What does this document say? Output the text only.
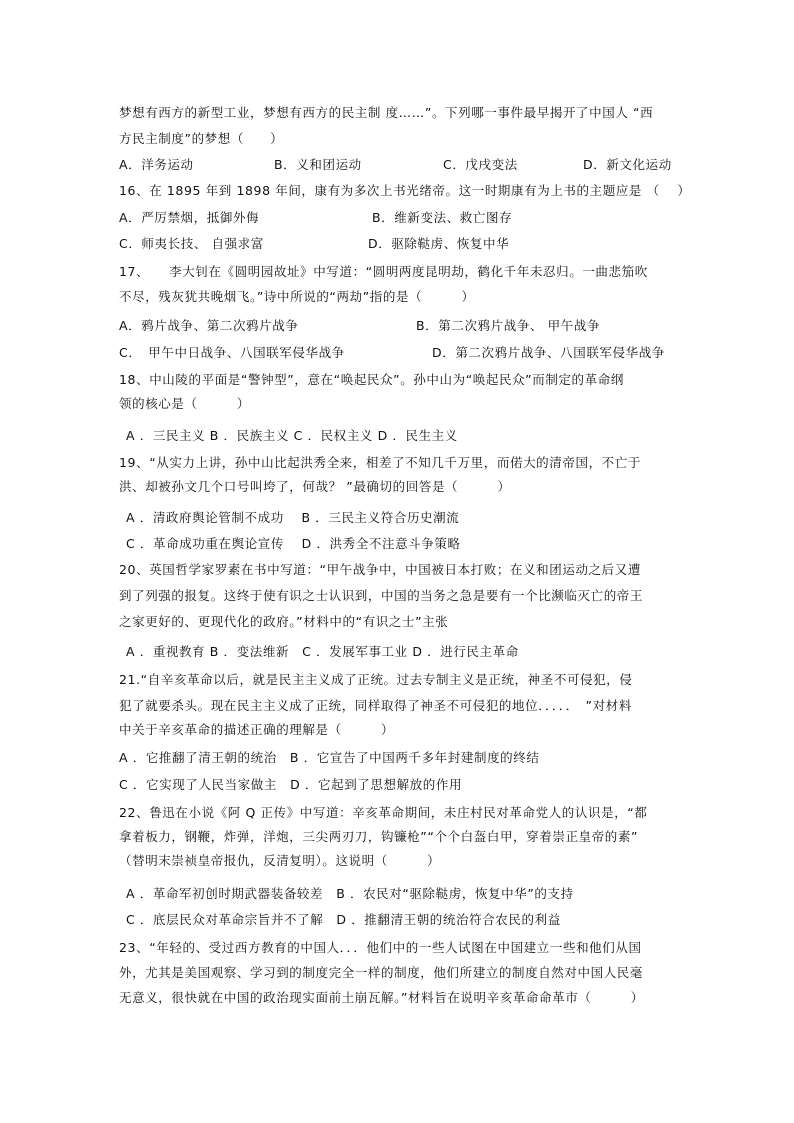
梦想有西方的新型工业，梦想有西方的民主制 度……”。下列哪一事件最早揭开了中国人 “西
方民主制度”的梦想（　　）
A．洋务运动	B．义和团运动	C．戊戌变法	D．新文化运动
16、在 1895 年到 1898 年间，康有为多次上书光绪帝。这一时期康有为上书的主题应是 （　 ）
A．严厉禁烟，抵御外侮	B．维新变法、救亡图存
C．师夷长技、 自强求富	D．驱除鞑虏、恢复中华
17、　　李大钊在《圆明园故址》中写道：“圆明两度昆明劫，鹤化千年未忍归。一曲悲笳吹
不尽，残灰犹共晚烟飞。”诗中所说的“两劫”指的是（　　　）
A．鸦片战争、第二次鸦片战争	B．第二次鸦片战争、 甲午战争
C．　甲午中日战争、八国联军侵华战争	D．第二次鸦片战争、八国联军侵华战争
18、中山陵的平面是“警钟型”，意在“唤起民众”。孙中山为“唤起民众”而制定的革命纲
领的核心是（　　　）
A ．三民主义 B ．民族主义 C ．民权主义 D ．民生主义
19、“从实力上讲，孙中山比起洪秀全来，相差了不知几千万里，而偌大的清帝国，不亡于
洪、却被孙文几个口号叫垮了，何哉？ ”最确切的回答是（　　　）
A ．清政府舆论管制不成功　 B ．三民主义符合历史潮流
C ．革命成功重在舆论宣传　 D ．洪秀全不注意斗争策略
20、英国哲学家罗素在书中写道：“甲午战争中，中国被日本打败；在义和团运动之后又遭
到了列强的报复。这终于使有识之士认识到，中国的当务之急是要有一个比濒临灭亡的帝王
之家更好的、更现代化的政府。”材料中的“有识之士”主张
A ．重视教育 B ．变法维新　C ．发展军事工业 D ．进行民主革命
21.“自辛亥革命以后，就是民主主义成了正统。过去专制主义是正统，神圣不可侵犯，侵
犯了就要杀头。现在民主主义成了正统，同样取得了神圣不可侵犯的地位．．．．．　”对材料
中关于辛亥革命的描述正确的理解是（　　　）
A ．它推翻了清王朝的统治　B ．它宣告了中国两千多年封建制度的终结
C ．它实现了人民当家做主　D ．它起到了思想解放的作用
22、鲁迅在小说《阿 Q 正传》中写道：辛亥革命期间，未庄村民对革命党人的认识是，“都
拿着板力，钢鞭，炸弹，洋炮，三尖两刃刀，钩镰枪”“个个白盔白甲，穿着崇正皇帝的素”
（替明末崇祯皇帝报仇，反清复明）。这说明（　　　）
A ．革命军初创时期武器装备较差　B ．农民对“驱除鞑虏，恢复中华”的支持
C ．底层民众对革命宗旨并不了解　D ．推翻清王朝的统治符合农民的利益
23、“年轻的、受过西方教育的中国人．．．他们中的一些人试图在中国建立一些和他们从国
外，尤其是美国观察、学习到的制度完全一样的制度，他们所建立的制度自然对中国人民毫
无意义，很快就在中国的政治现实面前土崩瓦解。”材料旨在说明辛亥革命命革市（　　　）
